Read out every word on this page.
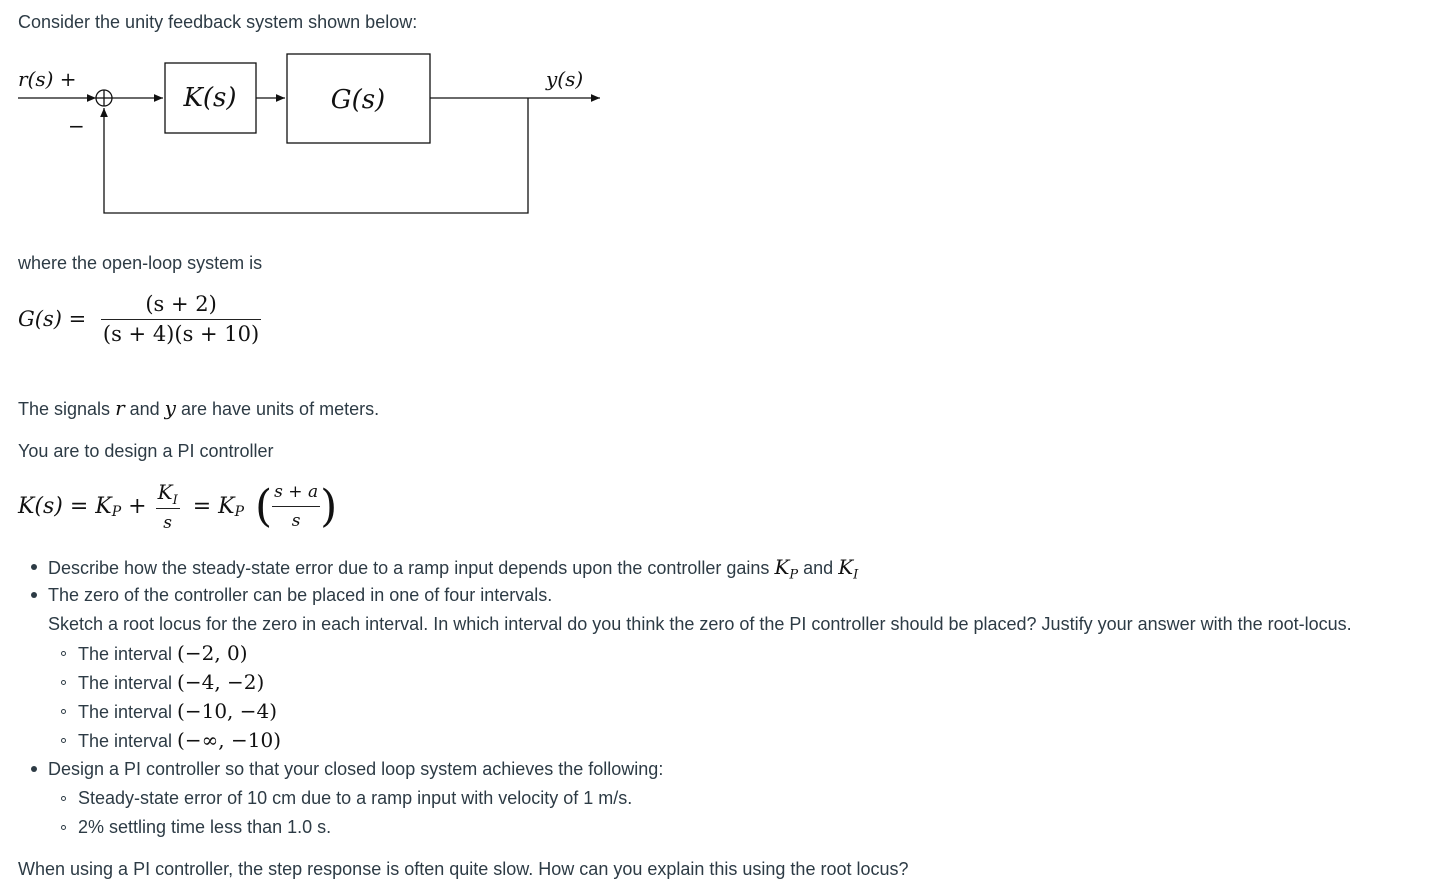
Consider the unity feedback system shown below:
r(s) +
−
K(s)	G(s)
y(s)
where the open-loop system is
$G(s) = \frac{(s + 2)}{(s + 4)(s + 10)}$
The signals r and y are have units of meters.
You are to design a PI controller
$K(s) = K_P + \frac{K_I}{s} = K_P$ ( $\frac{s + a}{s}$ )
Describe how the steady-state error due to a ramp input depends upon the controller gains $K_P$ and $K_I$
The zero of the controller can be placed in one of four intervals.
Sketch a root locus for the zero in each interval. In which interval do you think the zero of the PI controller should be placed? Justify your answer with the root-locus.
The interval (−2, 0)
The interval (−4, −2)
The interval (−10, −4)
The interval (−∞, −10)
Design a PI controller so that your closed loop system achieves the following:
Steady-state error of 10 cm due to a ramp input with velocity of 1 m/s.
2% settling time less than 1.0 s.
When using a PI controller, the step response is often quite slow. How can you explain this using the root locus?
